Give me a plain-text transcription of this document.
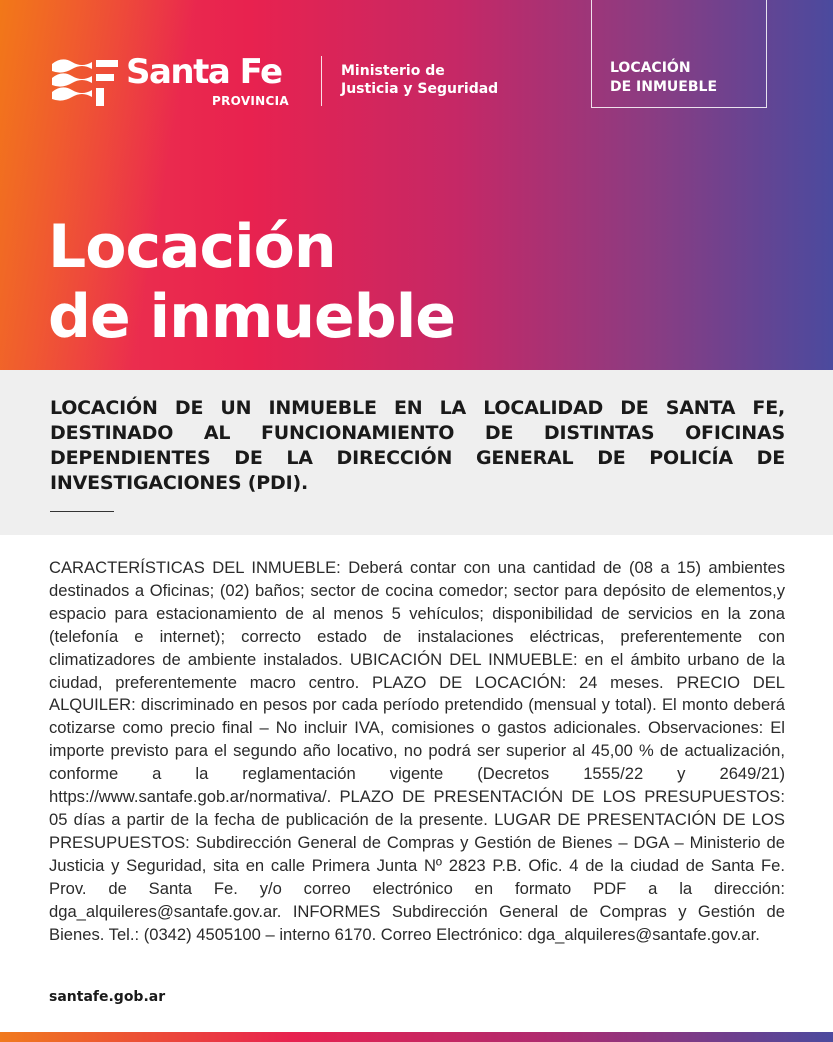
Santa Fe
PROVINCIA
Ministerio de
Justicia y Seguridad
LOCACIÓN
DE INMUEBLE
Locación
de inmueble
LOCACIÓN DE UN INMUEBLE EN LA LOCALIDAD DE SANTA FE, DESTINADO AL FUNCIONAMIENTO DE DISTINTAS OFICINAS DEPENDIENTES DE LA DIRECCIÓN GENERAL DE POLICÍA DE INVESTIGACIONES (PDI).
CARACTERÍSTICAS DEL INMUEBLE: Deberá contar con una cantidad de (08 a 15) ambientes destinados a Oficinas; (02) baños; sector de cocina comedor; sector para depósito de elementos,y espacio para estacionamiento de al menos 5 vehículos; disponibilidad de servicios en la zona (telefonía e internet); correcto estado de instalaciones eléctricas, preferentemente con climatizadores de ambiente instalados. UBICACIÓN DEL INMUEBLE: en el ámbito urbano de la ciudad, preferentemente macro centro. PLAZO DE LOCACIÓN: 24 meses. PRECIO DEL ALQUILER: discriminado en pesos por cada período pretendido (mensual y total). El monto deberá cotizarse como precio final – No incluir IVA, comisiones o gastos adicionales. Observaciones: El importe previsto para el segundo año locativo, no podrá ser superior al 45,00 % de actualización, conforme a la reglamentación vigente (Decretos 1555/22 y 2649/21) https://www.santafe.gob.ar/normativa/. PLAZO DE PRESENTACIÓN DE LOS PRESUPUESTOS: 05 días a partir de la fecha de publicación de la presente. LUGAR DE PRESENTACIÓN DE LOS PRESUPUESTOS: Subdirección General de Compras y Gestión de Bienes – DGA – Ministerio de Justicia y Seguridad, sita en calle Primera Junta Nº 2823 P.B. Ofic. 4 de la ciudad de Santa Fe. Prov. de Santa Fe. y/o correo electrónico en formato PDF a la dirección: dga_alquileres@santafe.gov.ar. INFORMES Subdirección General de Compras y Gestión de Bienes. Tel.: (0342) 4505100 – interno 6170. Correo Electrónico: dga_alquileres@santafe.gov.ar.
santafe.gob.ar
